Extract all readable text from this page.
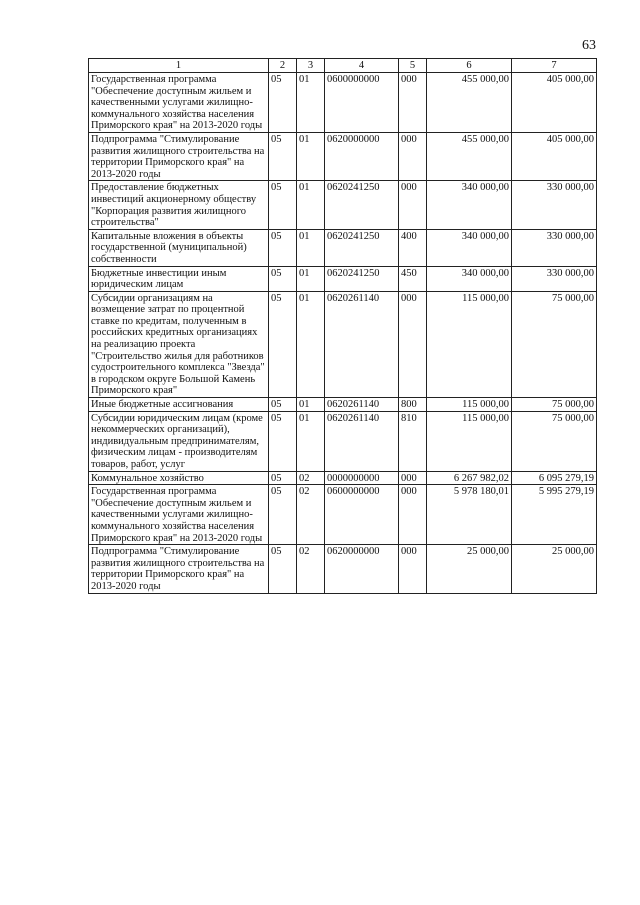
63
1	2	3	4	5	6	7
Государственная программа "Обеспечение доступным жильем и качественными услугами жилищно-коммунального хозяйства населения Приморского края" на 2013-2020 годы	05	01	0600000000	000	455 000,00	405 000,00
Подпрограмма "Стимулирование развития жилищного строительства на территории Приморского края" на 2013-2020 годы	05	01	0620000000	000	455 000,00	405 000,00
Предоставление бюджетных инвестиций акционерному обществу "Корпорация развития жилищного строительства"	05	01	0620241250	000	340 000,00	330 000,00
Капитальные вложения в объекты государственной (муниципальной) собственности	05	01	0620241250	400	340 000,00	330 000,00
Бюджетные инвестиции иным юридическим лицам	05	01	0620241250	450	340 000,00	330 000,00
Субсидии организациям на возмещение затрат по процентной ставке по кредитам, полученным в российских кредитных организациях на реализацию проекта "Строительство жилья для работников судостроительного комплекса "Звезда" в городском округе Большой Камень Приморского края"	05	01	0620261140	000	115 000,00	75 000,00
Иные бюджетные ассигнования	05	01	0620261140	800	115 000,00	75 000,00
Субсидии юридическим лицам (кроме некоммерческих организаций), индивидуальным предпринимателям, физическим лицам - производителям товаров, работ, услуг	05	01	0620261140	810	115 000,00	75 000,00
Коммунальное хозяйство	05	02	0000000000	000	6 267 982,02	6 095 279,19
Государственная программа "Обеспечение доступным жильем и качественными услугами жилищно-коммунального хозяйства населения Приморского края" на 2013-2020 годы	05	02	0600000000	000	5 978 180,01	5 995 279,19
Подпрограмма "Стимулирование развития жилищного строительства на территории Приморского края" на 2013-2020 годы	05	02	0620000000	000	25 000,00	25 000,00
